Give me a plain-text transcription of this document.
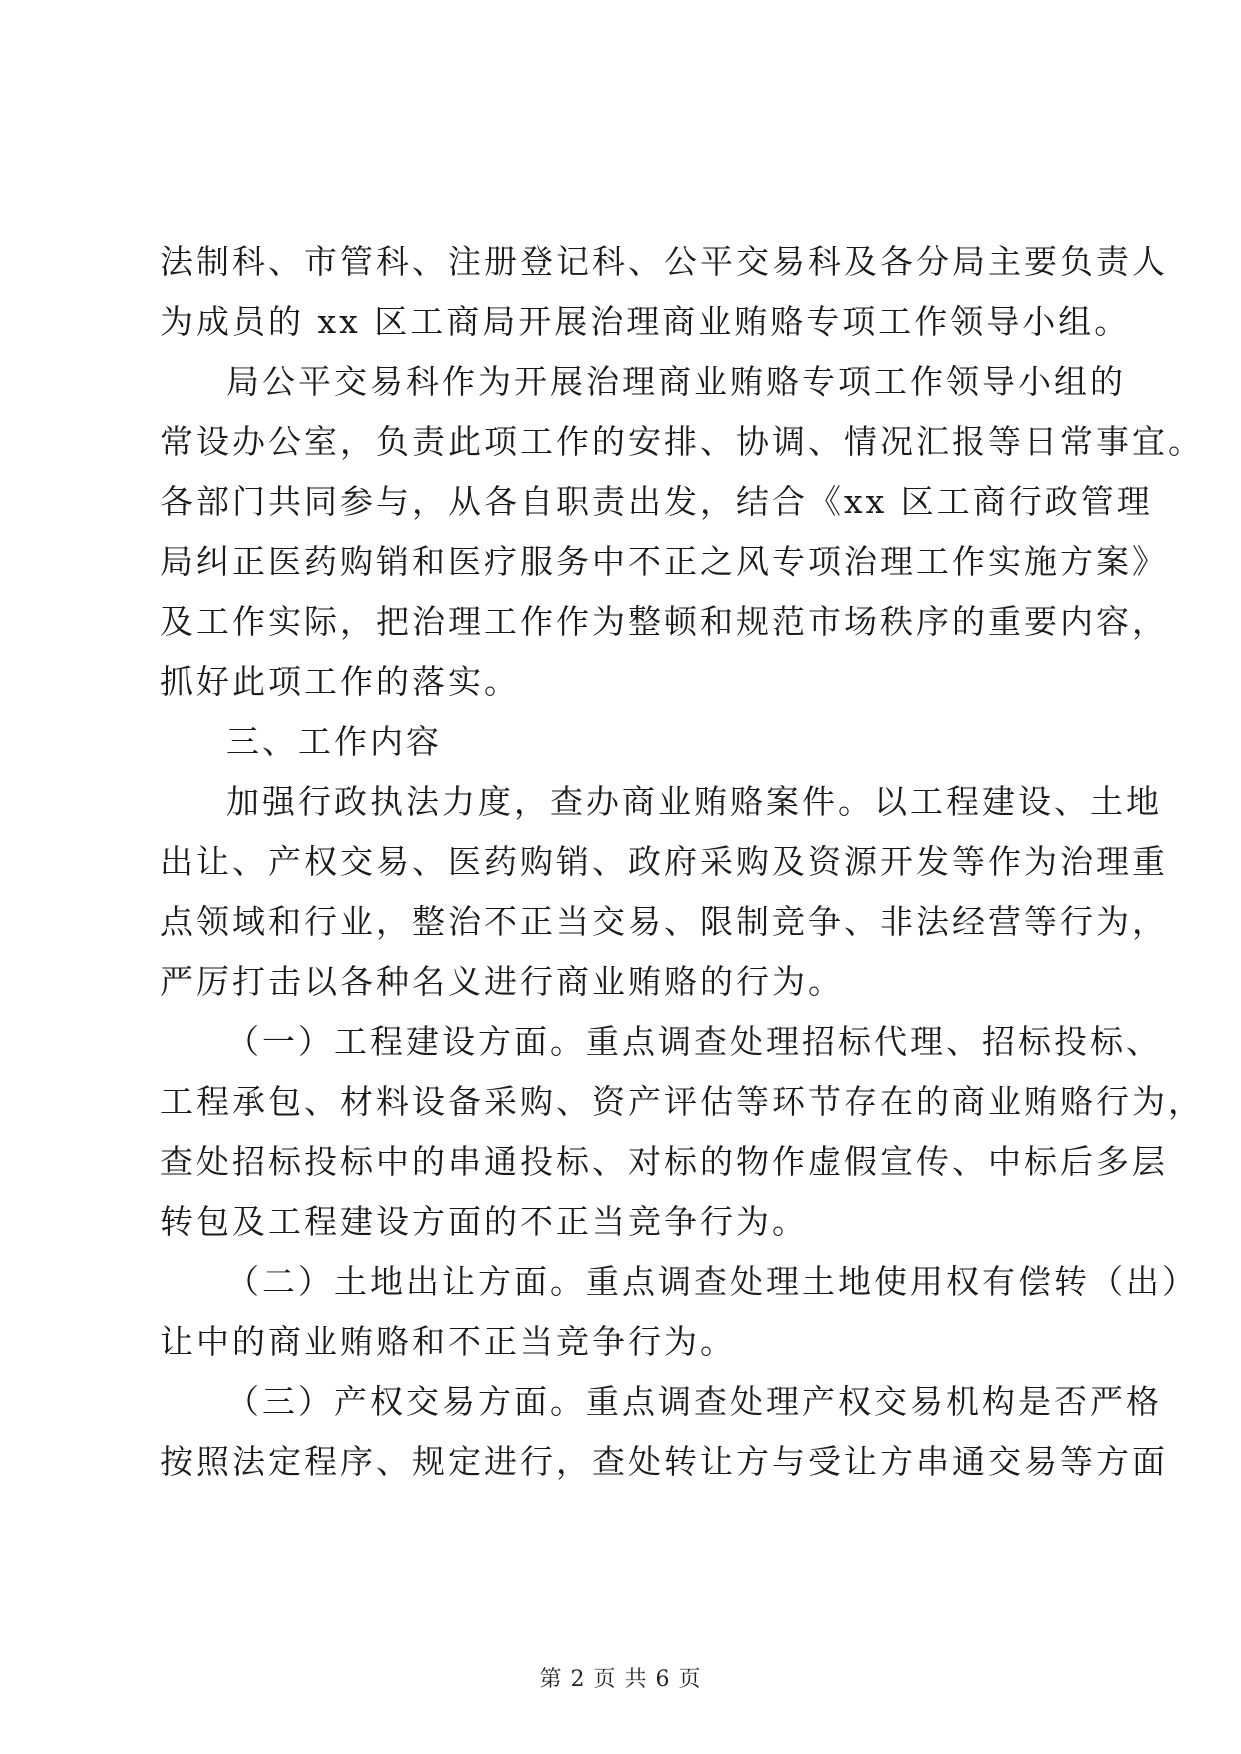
法制科、市管科、注册登记科、公平交易科及各分局主要负责人
为成员的 xx 区工商局开展治理商业贿赂专项工作领导小组。

局公平交易科作为开展治理商业贿赂专项工作领导小组的
常设办公室，负责此项工作的安排、协调、情况汇报等日常事宜。
各部门共同参与，从各自职责出发，结合《xx 区工商行政管理
局纠正医药购销和医疗服务中不正之风专项治理工作实施方案》
及工作实际，把治理工作作为整顿和规范市场秩序的重要内容，
抓好此项工作的落实。

三、工作内容

加强行政执法力度，查办商业贿赂案件。以工程建设、土地
出让、产权交易、医药购销、政府采购及资源开发等作为治理重
点领域和行业，整治不正当交易、限制竞争、非法经营等行为，
严厉打击以各种名义进行商业贿赂的行为。

（一）工程建设方面。重点调查处理招标代理、招标投标、
工程承包、材料设备采购、资产评估等环节存在的商业贿赂行为，
查处招标投标中的串通投标、对标的物作虚假宣传、中标后多层
转包及工程建设方面的不正当竞争行为。

（二）土地出让方面。重点调查处理土地使用权有偿转（出）
让中的商业贿赂和不正当竞争行为。

（三）产权交易方面。重点调查处理产权交易机构是否严格
按照法定程序、规定进行，查处转让方与受让方串通交易等方面

第 2 页 共 6 页
